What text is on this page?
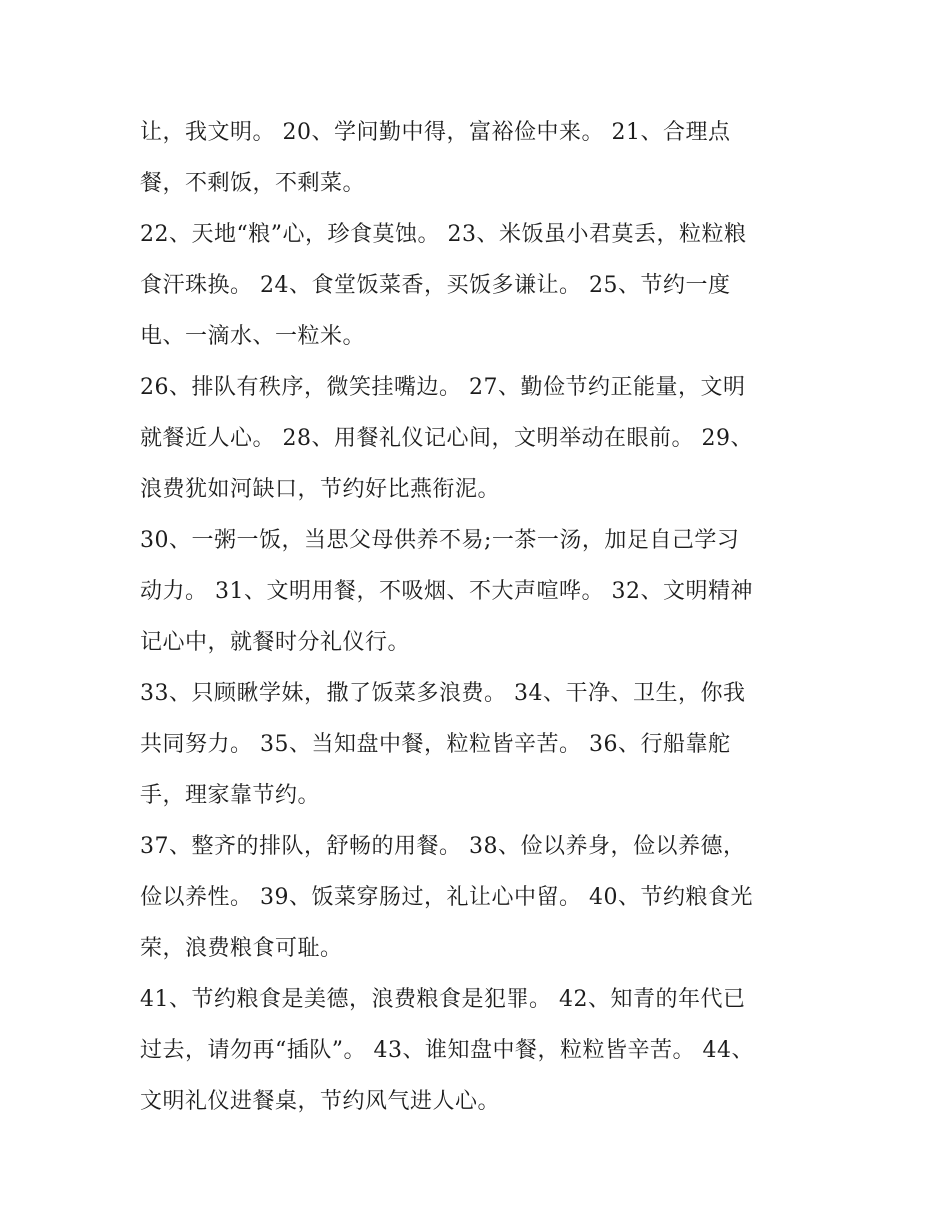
让，我文明。 20、学问勤中得，富裕俭中来。 21、合理点
餐，不剩饭，不剩菜。
22、天地“粮”心，珍食莫蚀。 23、米饭虽小君莫丢，粒粒粮
食汗珠换。 24、食堂饭菜香，买饭多谦让。 25、节约一度
电、一滴水、一粒米。
26、排队有秩序，微笑挂嘴边。 27、勤俭节约正能量，文明
就餐近人心。 28、用餐礼仪记心间，文明举动在眼前。 29、
浪费犹如河缺口，节约好比燕衔泥。
30、一粥一饭，当思父母供养不易;一茶一汤，加足自己学习
动力。 31、文明用餐，不吸烟、不大声喧哗。 32、文明精神
记心中，就餐时分礼仪行。
33、只顾瞅学妹，撒了饭菜多浪费。 34、干净、卫生，你我
共同努力。 35、当知盘中餐，粒粒皆辛苦。 36、行船靠舵
手，理家靠节约。
37、整齐的排队，舒畅的用餐。 38、俭以养身，俭以养德，
俭以养性。 39、饭菜穿肠过，礼让心中留。 40、节约粮食光
荣，浪费粮食可耻。
41、节约粮食是美德，浪费粮食是犯罪。 42、知青的年代已
过去，请勿再“插队”。 43、谁知盘中餐，粒粒皆辛苦。 44、
文明礼仪进餐桌，节约风气进人心。
